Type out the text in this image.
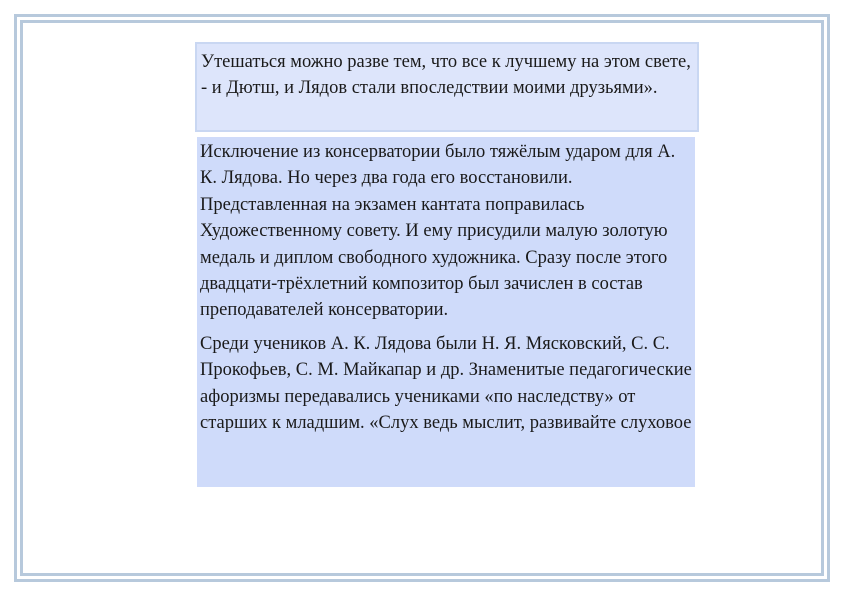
Утешаться можно разве тем, что все к лучшему на этом свете, - и Дютш, и Лядов стали впоследствии моими друзьями».

Исключение из консерватории было тяжёлым ударом для А. К. Лядова. Но через два года его восстановили. Представленная на экзамен кантата поправилась Художественному совету. И ему присудили малую золотую медаль и диплом свободного художника. Сразу после этого двадцати-трёхлетний композитор был зачислен в состав преподавателей консерватории.

Среди учеников А. К. Лядова были Н. Я. Мясковский, С. С. Прокофьев, С. М. Майкапар и др. Знаменитые педагогические афоризмы передавались учениками «по наследству» от старших к младшим. «Слух ведь мыслит, развивайте слуховое
